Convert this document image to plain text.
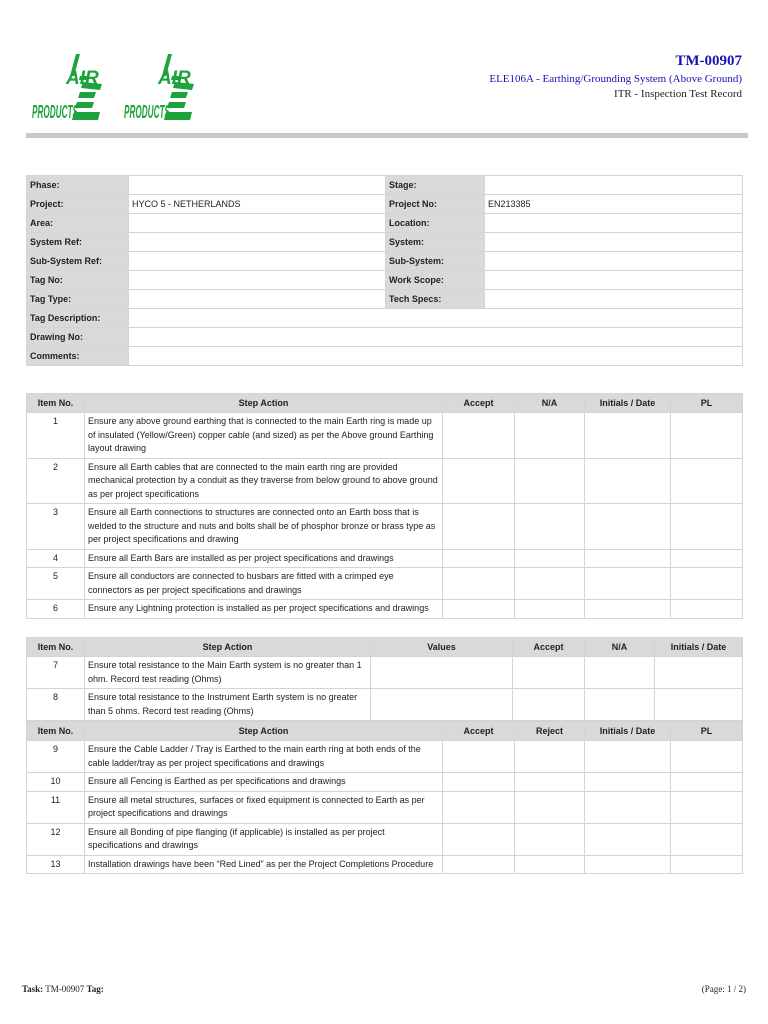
AIR
PRODUCTS
AIR
PRODUCTS
TM-00907
ELE106A - Earthing/Grounding System (Above Ground)
ITR - Inspection Test Record
Phase:		Stage:	
Project:	HYCO 5 - NETHERLANDS	Project No:	EN213385
Area:		Location:	
System Ref:		System:	
Sub-System Ref:		Sub-System:	
Tag No:		Work Scope:	
Tag Type:		Tech Specs:	
Tag Description:			
Drawing No:			
Comments:			
Item No.	Step Action	Accept	N/A	Initials / Date	PL
1	Ensure any above ground earthing that is connected to the main Earth ring is made up of insulated (Yellow/Green) copper cable (and sized) as per the Above ground Earthing layout drawing				
2	Ensure all Earth cables that are connected to the main earth ring are provided mechanical protection by a conduit as they traverse from below ground to above ground as per project specifications				
3	Ensure all Earth connections to structures are connected onto an Earth boss that is welded to the structure and nuts and bolts shall be of phosphor bronze or brass type as per project specifications and drawing				
4	Ensure all Earth Bars are installed as per project specifications and drawings				
5	Ensure all conductors are connected to busbars are fitted with a crimped eye connectors as per project specifications and drawings				
6	Ensure any Lightning protection is installed as per project specifications and drawings				
Item No.	Step Action	Values	Accept	N/A	Initials / Date
7	Ensure total resistance to the Main Earth system is no greater than 1 ohm. Record test reading (Ohms)				
8	Ensure total resistance to the Instrument Earth system is no greater than 5 ohms. Record test reading (Ohms)				
Item No.	Step Action	Accept	Reject	Initials / Date	PL
9	Ensure the Cable Ladder / Tray is Earthed to the main earth ring at both ends of the cable ladder/tray as per project specifications and drawings				
10	Ensure all Fencing is Earthed as per specifications and drawings				
11	Ensure all metal structures, surfaces or fixed equipment is connected to Earth as per project specifications and drawings				
12	Ensure all Bonding of pipe flanging (if applicable) is installed as per project specifications and drawings				
13	Installation drawings have been “Red Lined” as per the Project Completions Procedure				
Task: TM-00907 Tag:	(Page: 1 / 2)
